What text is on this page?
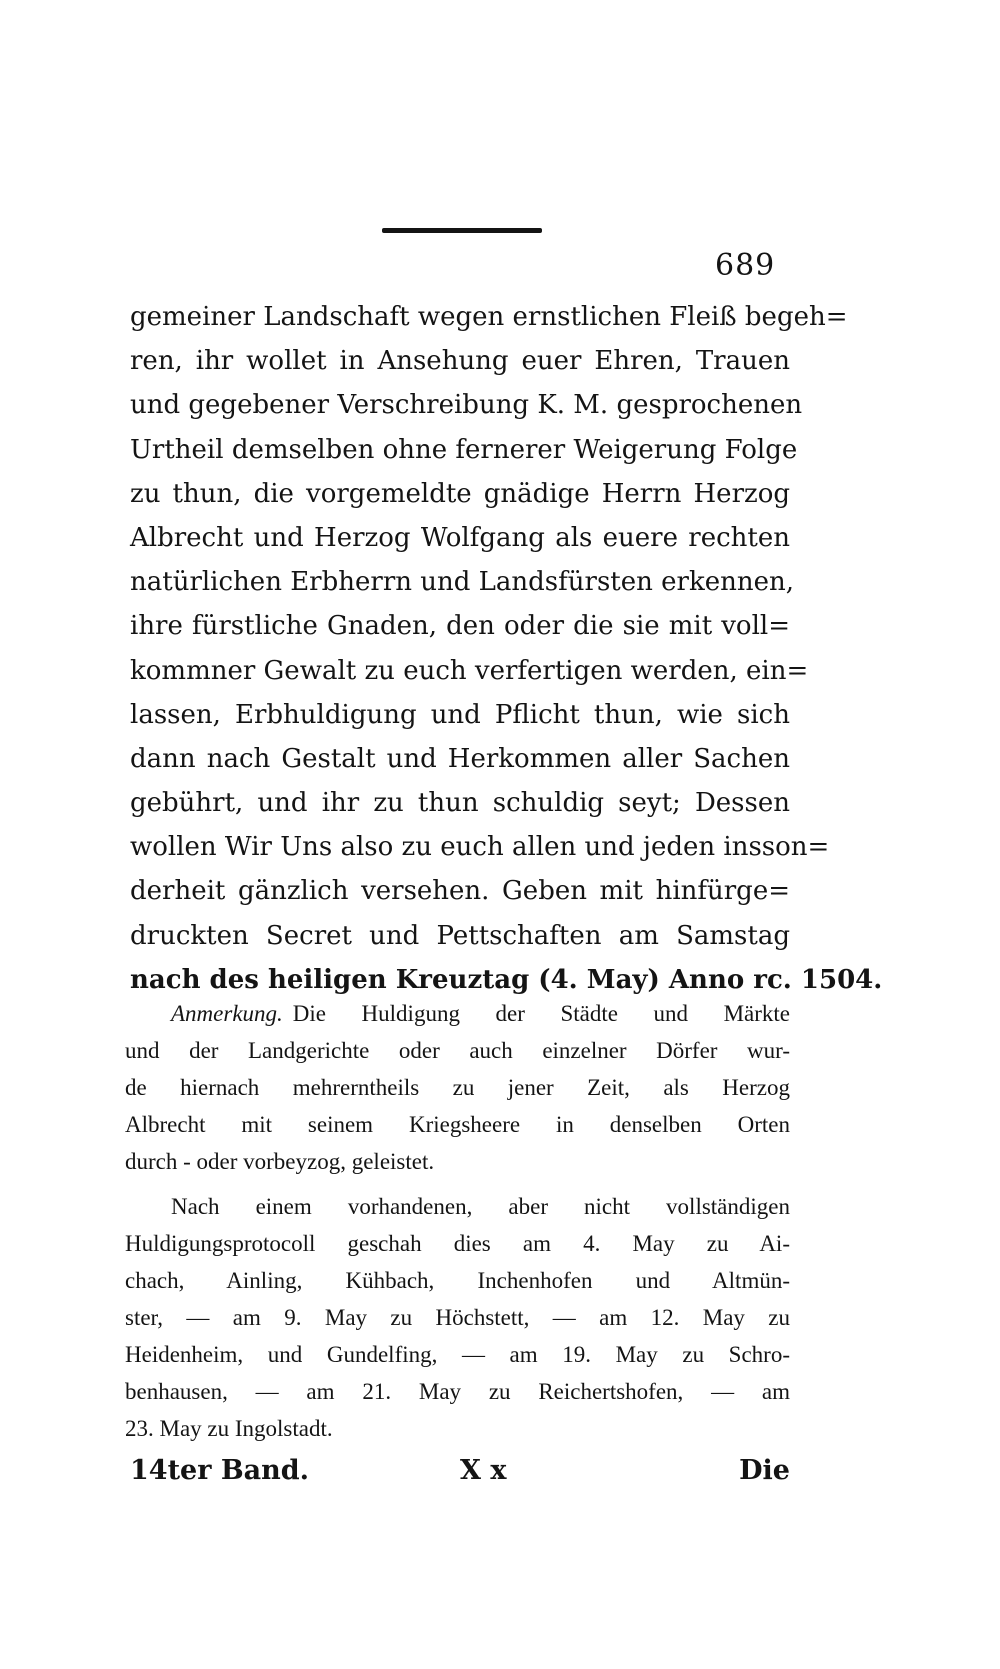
689
gemeiner Landschaft wegen ernstlichen Fleiß begeh=
ren, ihr wollet in Ansehung euer Ehren, Trauen
und gegebener Verschreibung K. M. gesprochenen
Urtheil demselben ohne fernerer Weigerung Folge
zu thun, die vorgemeldte gnädige Herrn Herzog
Albrecht und Herzog Wolfgang als euere rechten
natürlichen Erbherrn und Landsfürsten erkennen,
ihre fürstliche Gnaden, den oder die sie mit voll=
kommner Gewalt zu euch verfertigen werden, ein=
lassen, Erbhuldigung und Pflicht thun, wie sich
dann nach Gestalt und Herkommen aller Sachen
gebührt, und ihr zu thun schuldig seyt; Dessen
wollen Wir Uns also zu euch allen und jeden insson=
derheit gänzlich versehen. Geben mit hinfürge=
druckten Secret und Pettschaften am Samstag
nach des heiligen Kreuztag (4. May) Anno rc. 1504.
Anmerkung. Die Huldigung der Städte und Märkte
und der Landgerichte oder auch einzelner Dörfer wur-
de hiernach mehrerntheils zu jener Zeit, als Herzog
Albrecht mit seinem Kriegsheere in denselben Orten
durch - oder vorbeyzog, geleistet.
Nach einem vorhandenen, aber nicht vollständigen
Huldigungsprotocoll geschah dies am 4. May zu Ai-
chach, Ainling, Kühbach, Inchenhofen und Altmün-
ster, — am 9. May zu Höchstett, — am 12. May zu
Heidenheim, und Gundelfing, — am 19. May zu Schro-
benhausen, — am 21. May zu Reichertshofen, — am
23. May zu Ingolstadt.
14ter Band.	X x	Die
